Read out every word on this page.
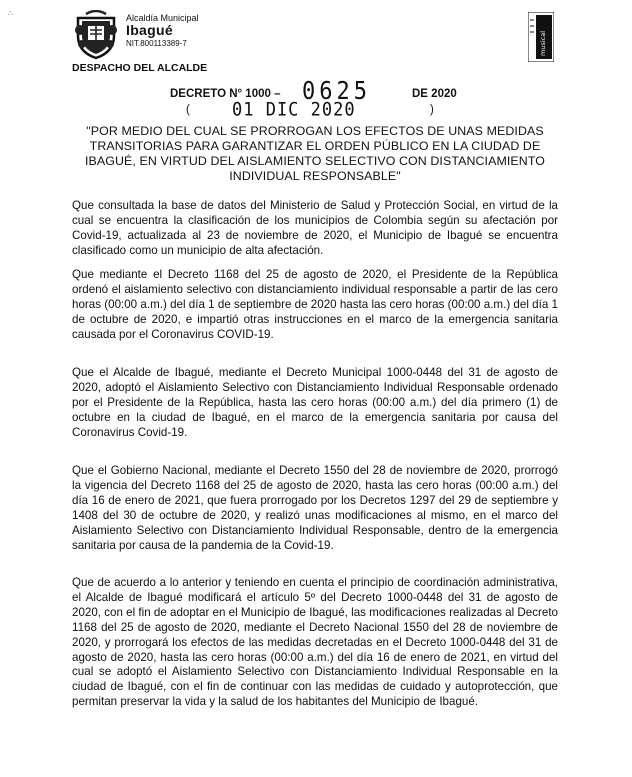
∴	Alcaldía Municipal
Ibagué
NIT.800113389-7
DESPACHO DEL ALCALDE
musical
DECRETO N° 1000 – 0625	DE 2020
( 01 DIC 2020	)
"POR MEDIO DEL CUAL SE PRORROGAN LOS EFECTOS DE UNAS MEDIDAS TRANSITORIAS PARA GARANTIZAR EL ORDEN PÚBLICO EN LA CIUDAD DE IBAGUÉ, EN VIRTUD DEL AISLAMIENTO SELECTIVO CON DISTANCIAMIENTO INDIVIDUAL RESPONSABLE"
Que consultada la base de datos del Ministerio de Salud y Protección Social, en virtud de la cual se encuentra la clasificación de los municipios de Colombia según su afectación por Covid-19, actualizada al 23 de noviembre de 2020, el Municipio de Ibagué se encuentra clasificado como un municipio de alta afectación.
Que mediante el Decreto 1168 del 25 de agosto de 2020, el Presidente de la República ordenó el aislamiento selectivo con distanciamiento individual responsable a partir de las cero horas (00:00 a.m.) del día 1 de septiembre de 2020 hasta las cero horas (00:00 a.m.) del día 1 de octubre de 2020, e impartió otras instrucciones en el marco de la emergencia sanitaria causada por el Coronavirus COVID-19.
Que el Alcalde de Ibagué, mediante el Decreto Municipal 1000-0448 del 31 de agosto de 2020, adoptó el Aislamiento Selectivo con Distanciamiento Individual Responsable ordenado por el Presidente de la República, hasta las cero horas (00:00 a.m.) del día primero (1) de octubre en la ciudad de Ibagué, en el marco de la emergencia sanitaria por causa del Coronavirus Covid-19.
Que el Gobierno Nacional, mediante el Decreto 1550 del 28 de noviembre de 2020, prorrogó la vigencia del Decreto 1168 del 25 de agosto de 2020, hasta las cero horas (00:00 a.m.) del día 16 de enero de 2021, que fuera prorrogado por los Decretos 1297 del 29 de septiembre y 1408 del 30 de octubre de 2020, y realizó unas modificaciones al mismo, en el marco del Aislamiento Selectivo con Distanciamiento Individual Responsable, dentro de la emergencia sanitaria por causa de la pandemia de la Covid-19.
Que de acuerdo a lo anterior y teniendo en cuenta el principio de coordinación administrativa, el Alcalde de Ibagué modificará el artículo 5º del Decreto 1000-0448 del 31 de agosto de 2020, con el fin de adoptar en el Municipio de Ibagué, las modificaciones realizadas al Decreto 1168 del 25 de agosto de 2020, mediante el Decreto Nacional 1550 del 28 de noviembre de 2020, y prorrogará los efectos de las medidas decretadas en el Decreto 1000-0448 del 31 de agosto de 2020, hasta las cero horas (00:00 a.m.) del día 16 de enero de 2021, en virtud del cual se adoptó el Aislamiento Selectivo con Distanciamiento Individual Responsable en la ciudad de Ibagué, con el fin de continuar con las medidas de cuidado y autoprotección, que permitan preservar la vida y la salud de los habitantes del Municipio de Ibagué.
